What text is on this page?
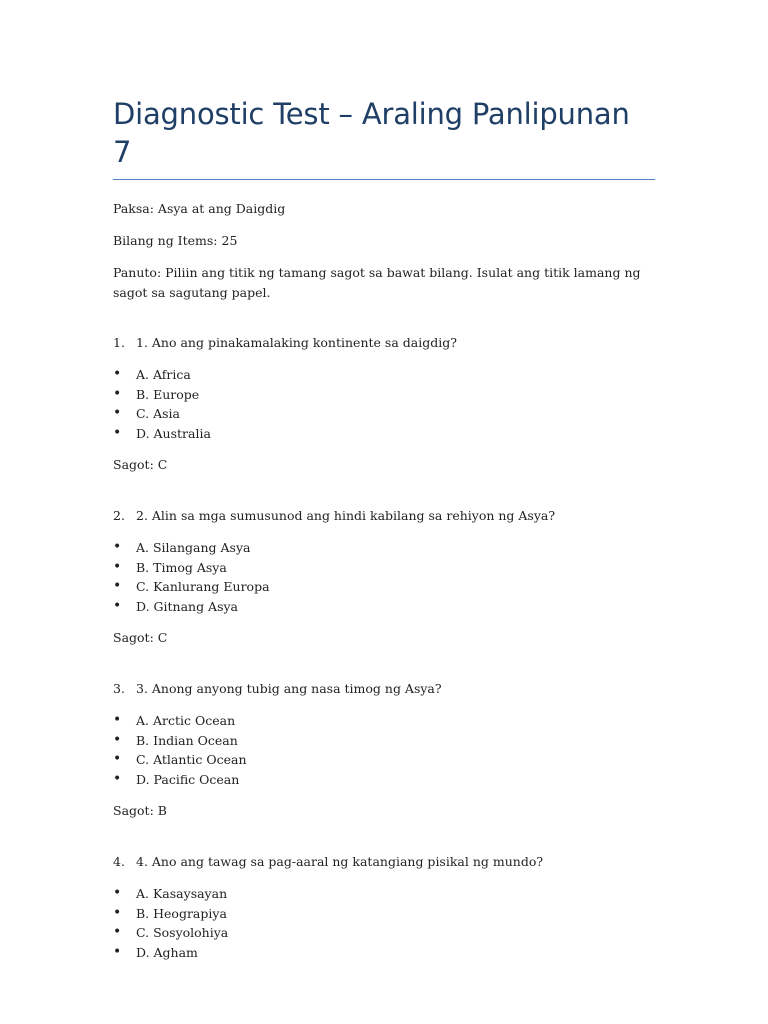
Diagnostic Test – Araling Panlipunan 7

Paksa: Asya at ang Daigdig

Bilang ng Items: 25

Panuto: Piliin ang titik ng tamang sagot sa bawat bilang. Isulat ang titik lamang ng sagot sa sagutang papel.

1. 1. Ano ang pinakamalaking kontinente sa daigdig?

•	A. Africa
•	B. Europe
•	C. Asia
•	D. Australia

Sagot: C

2. 2. Alin sa mga sumusunod ang hindi kabilang sa rehiyon ng Asya?

•	A. Silangang Asya
•	B. Timog Asya
•	C. Kanlurang Europa
•	D. Gitnang Asya

Sagot: C

3. 3. Anong anyong tubig ang nasa timog ng Asya?

•	A. Arctic Ocean
•	B. Indian Ocean
•	C. Atlantic Ocean
•	D. Pacific Ocean

Sagot: B

4. 4. Ano ang tawag sa pag-aaral ng katangiang pisikal ng mundo?

•	A. Kasaysayan
•	B. Heograpiya
•	C. Sosyolohiya
•	D. Agham
